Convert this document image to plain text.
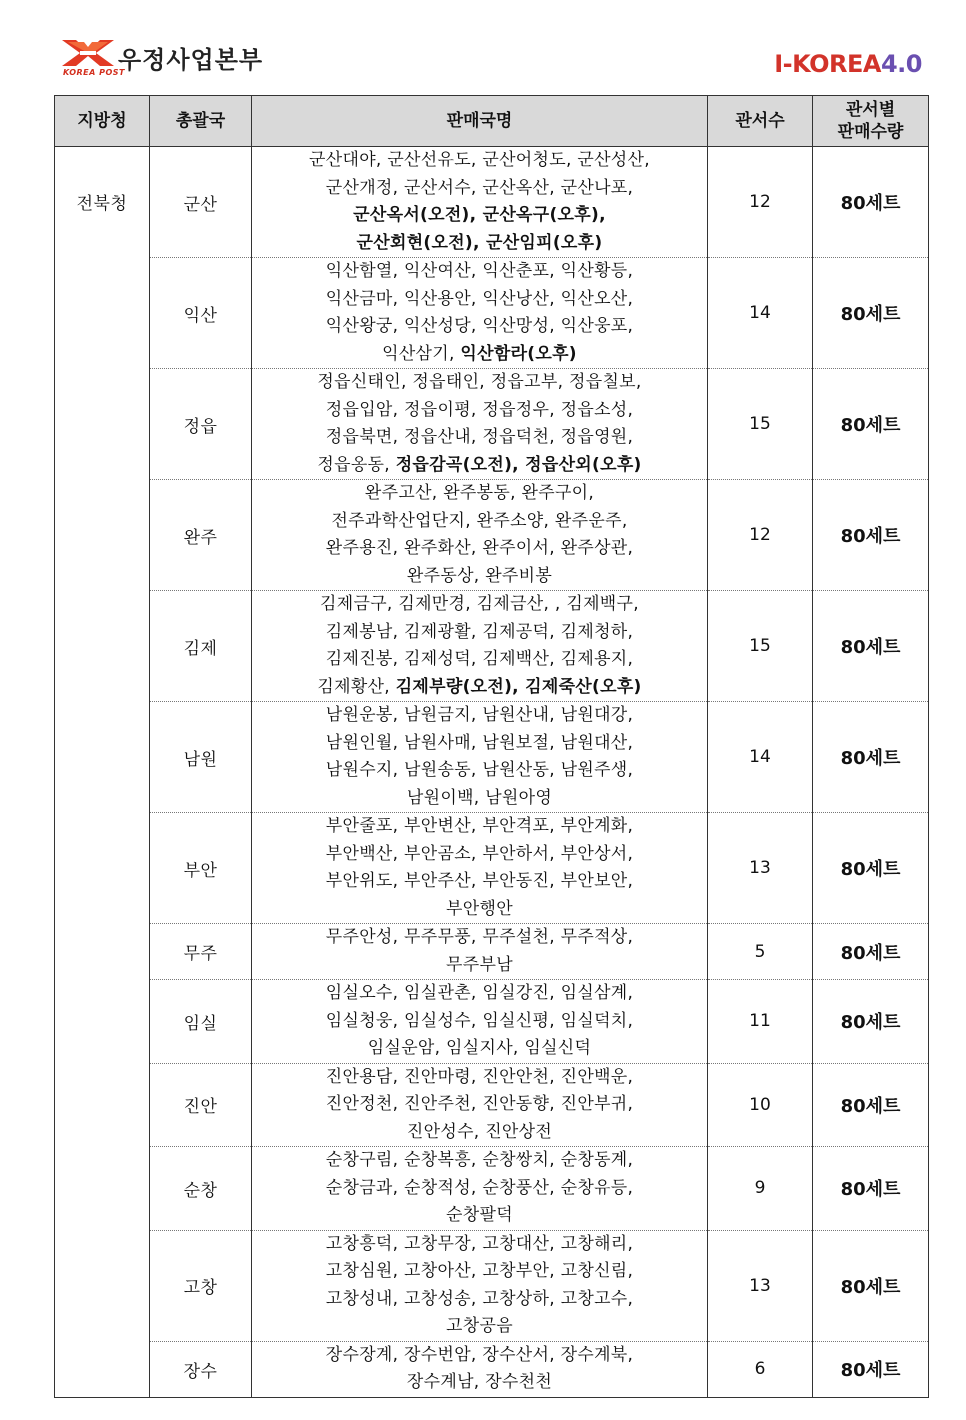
우정사업본부
KOREA POST	I-KOREA4.0
지방청	총괄국	판매국명	관서수	관서별
판매수량
전북청	군산	군산대야, 군산선유도, 군산어청도, 군산성산,
군산개정, 군산서수, 군산옥산, 군산나포,
군산옥서(오전), 군산옥구(오후),
군산회현(오전), 군산임피(오후)	12	80세트
	익산	익산함열, 익산여산, 익산춘포, 익산황등,
익산금마, 익산용안, 익산낭산, 익산오산,
익산왕궁, 익산성당, 익산망성, 익산웅포,
익산삼기, 익산함라(오후)	14	80세트
	정읍	정읍신태인, 정읍태인, 정읍고부, 정읍칠보,
정읍입암, 정읍이평, 정읍정우, 정읍소성,
정읍북면, 정읍산내, 정읍덕천, 정읍영원,
정읍옹동, 정읍감곡(오전), 정읍산외(오후)	15	80세트
	완주	완주고산, 완주봉동, 완주구이,
전주과학산업단지, 완주소양, 완주운주,
완주용진, 완주화산, 완주이서, 완주상관,
완주동상, 완주비봉	12	80세트
	김제	김제금구, 김제만경, 김제금산, , 김제백구,
김제봉남, 김제광활, 김제공덕, 김제청하,
김제진봉, 김제성덕, 김제백산, 김제용지,
김제황산, 김제부량(오전), 김제죽산(오후)	15	80세트
	남원	남원운봉, 남원금지, 남원산내, 남원대강,
남원인월, 남원사매, 남원보절, 남원대산,
남원수지, 남원송동, 남원산동, 남원주생,
남원이백, 남원아영	14	80세트
	부안	부안줄포, 부안변산, 부안격포, 부안계화,
부안백산, 부안곰소, 부안하서, 부안상서,
부안위도, 부안주산, 부안동진, 부안보안,
부안행안	13	80세트
	무주	무주안성, 무주무풍, 무주설천, 무주적상,
무주부남	5	80세트
	임실	임실오수, 임실관촌, 임실강진, 임실삼계,
임실청웅, 임실성수, 임실신평, 임실덕치,
임실운암, 임실지사, 임실신덕	11	80세트
	진안	진안용담, 진안마령, 진안안천, 진안백운,
진안정천, 진안주천, 진안동향, 진안부귀,
진안성수, 진안상전	10	80세트
	순창	순창구림, 순창복흥, 순창쌍치, 순창동계,
순창금과, 순창적성, 순창풍산, 순창유등,
순창팔덕	9	80세트
	고창	고창흥덕, 고창무장, 고창대산, 고창해리,
고창심원, 고창아산, 고창부안, 고창신림,
고창성내, 고창성송, 고창상하, 고창고수,
고창공음	13	80세트
	장수	장수장계, 장수번암, 장수산서, 장수계북,
장수계남, 장수천천	6	80세트
